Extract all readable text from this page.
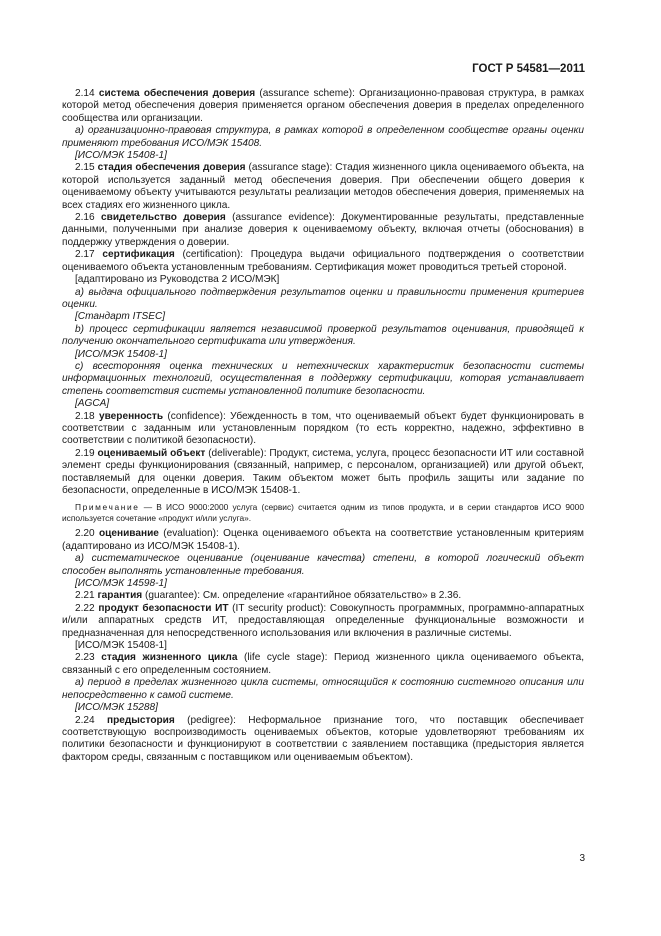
ГОСТ Р 54581—2011

2.14 система обеспечения доверия (assurance scheme): Организационно-правовая структура, в рамках которой метод обеспечения доверия применяется органом обеспечения доверия в пределах определенного сообщества или организации.

а) организационно-правовая структура, в рамках которой в определенном сообществе органы оценки применяют требования ИСО/МЭК 15408.

[ИСО/МЭК 15408-1]

2.15 стадия обеспечения доверия (assurance stage): Стадия жизненного цикла оцениваемого объекта, на которой используется заданный метод обеспечения доверия. При обеспечении общего доверия к оцениваемому объекту учитываются результаты реализации методов обеспечения доверия, применяемых на всех стадиях его жизненного цикла.

2.16 свидетельство доверия (assurance evidence): Документированные результаты, представленные данными, полученными при анализе доверия к оцениваемому объекту, включая отчеты (обоснования) в поддержку утверждения о доверии.

2.17 сертификация (certification): Процедура выдачи официального подтверждения о соответствии оцениваемого объекта установленным требованиям. Сертификация может проводиться третьей стороной.

[адаптировано из Руководства 2 ИСО/МЭК]

а) выдача официального подтверждения результатов оценки и правильности применения критериев оценки.

[Стандарт ITSEC]

b) процесс сертификации является независимой проверкой результатов оценивания, приводящей к получению окончательного сертификата или утверждения.

[ИСО/МЭК 15408-1]

c) всесторонняя оценка технических и нетехнических характеристик безопасности системы информационных технологий, осуществленная в поддержку сертификации, которая устанавливает степень соответствия системы установленной политике безопасности.

[AGCA]

2.18 уверенность (confidence): Убежденность в том, что оцениваемый объект будет функционировать в соответствии с заданным или установленным порядком (то есть корректно, надежно, эффективно в соответствии с политикой безопасности).

2.19 оцениваемый объект (deliverable): Продукт, система, услуга, процесс безопасности ИТ или составной элемент среды функционирования (связанный, например, с персоналом, организацией) или другой объект, поставляемый для оценки доверия. Таким объектом может быть профиль защиты или задание по безопасности, определенные в ИСО/МЭК 15408-1.

Примечание — В ИСО 9000:2000 услуга (сервис) считается одним из типов продукта, и в серии стандартов ИСО 9000 используется сочетание «продукт и/или услуга».

2.20 оценивание (evaluation): Оценка оцениваемого объекта на соответствие установленным критериям (адаптировано из ИСО/МЭК 15408-1).

а) систематическое оценивание (оценивание качества) степени, в которой логический объект способен выполнять установленные требования.

[ИСО/МЭК 14598-1]

2.21 гарантия (guarantee): См. определение «гарантийное обязательство» в 2.36.

2.22 продукт безопасности ИТ (IT security product): Совокупность программных, программно-аппаратных и/или аппаратных средств ИТ, предоставляющая определенные функциональные возможности и предназначенная для непосредственного использования или включения в различные системы.

[ИСО/МЭК 15408-1]

2.23 стадия жизненного цикла (life cycle stage): Период жизненного цикла оцениваемого объекта, связанный с его определенным состоянием.

а) период в пределах жизненного цикла системы, относящийся к состоянию системного описания или непосредственно к самой системе.

[ИСО/МЭК 15288]

2.24 предыстория (pedigree): Неформальное признание того, что поставщик обеспечивает соответствующую воспроизводимость оцениваемых объектов, которые удовлетворяют требованиям их политики безопасности и функционируют в соответствии с заявлением поставщика (предыстория является фактором среды, связанным с поставщиком или оцениваемым объектом).

3
